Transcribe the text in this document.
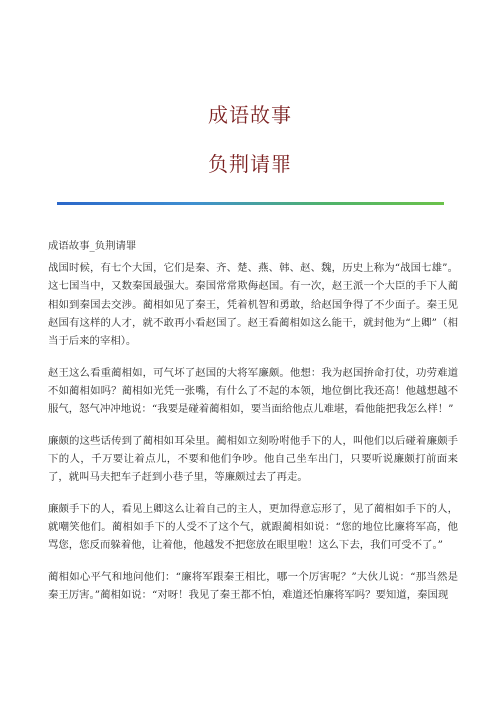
成语故事
负荆请罪
成语故事_负荆请罪

战国时候，有七个大国，它们是秦、齐、楚、燕、韩、赵、魏，历史上称为“战国七雄”。这七国当中，又数秦国最强大。秦国常常欺侮赵国。有一次，赵王派一个大臣的手下人蔺相如到秦国去交涉。蔺相如见了秦王，凭着机智和勇敢，给赵国争得了不少面子。秦王见赵国有这样的人才，就不敢再小看赵国了。赵王看蔺相如这么能干，就封他为“上卿”（相当于后来的宰相）。

赵王这么看重蔺相如，可气坏了赵国的大将军廉颇。他想：我为赵国拚命打仗，功劳难道不如蔺相如吗？蔺相如光凭一张嘴，有什么了不起的本领，地位倒比我还高！他越想越不服气，怒气冲冲地说：“我要是碰着蔺相如，要当面给他点儿难堪，看他能把我怎么样！”

廉颇的这些话传到了蔺相如耳朵里。蔺相如立刻吩咐他手下的人，叫他们以后碰着廉颇手下的人，千万要让着点儿，不要和他们争吵。他自己坐车出门，只要听说廉颇打前面来了，就叫马夫把车子赶到小巷子里，等廉颇过去了再走。

廉颇手下的人，看见上卿这么让着自己的主人，更加得意忘形了，见了蔺相如手下的人，就嘲笑他们。蔺相如手下的人受不了这个气，就跟蔺相如说：“您的地位比廉将军高，他骂您，您反而躲着他，让着他，他越发不把您放在眼里啦！这么下去，我们可受不了。”

蔺相如心平气和地问他们：“廉将军跟秦王相比，哪一个厉害呢？”大伙儿说：“那当然是秦王厉害。”蔺相如说：“对呀！我见了秦王都不怕，难道还怕廉将军吗？要知道，秦国现
